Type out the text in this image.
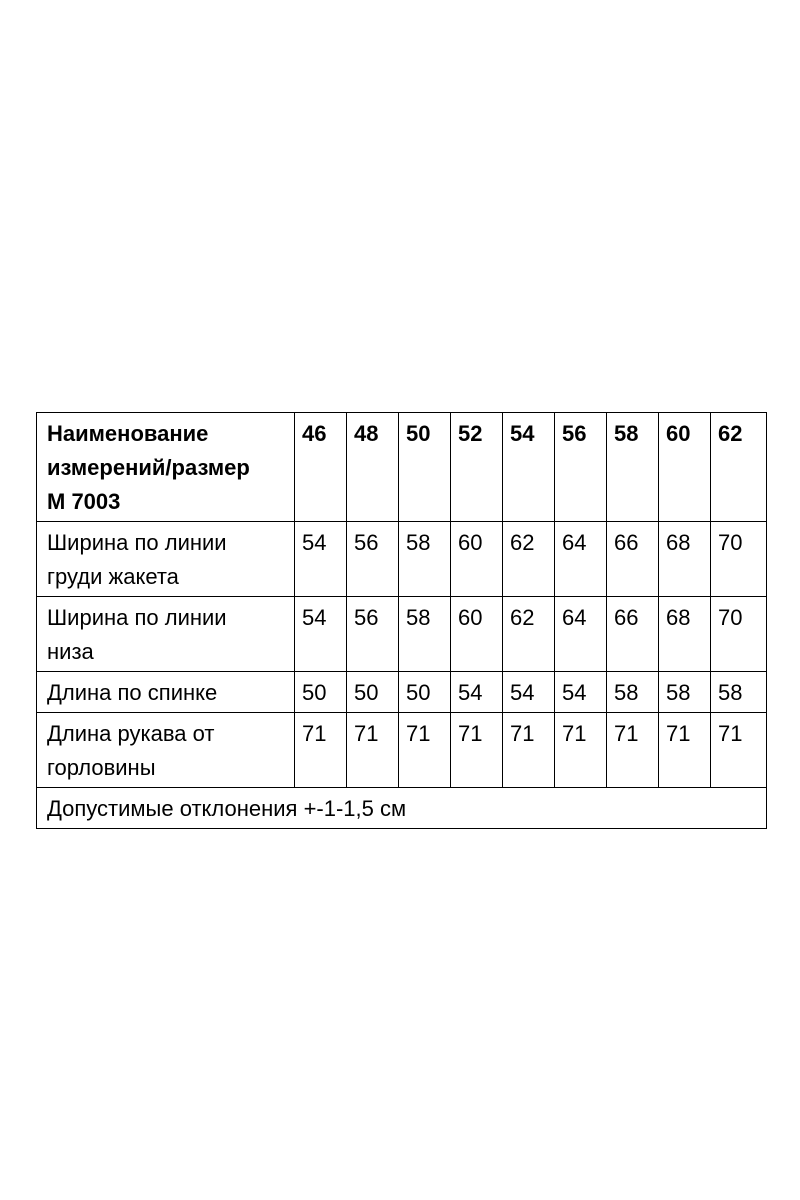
Наименование
измерений/размер
М 7003	46	48	50	52	54	56	58	60	62

Ширина по линии
груди жакета	54	56	58	60	62	64	66	68	70

Ширина по линии
низа	54	56	58	60	62	64	66	68	70

Длина по спинке	50	50	50	54	54	54	58	58	58

Длина рукава от
горловины	71	71	71	71	71	71	71	71	71
Допустимые отклонения +-1-1,5 см									
